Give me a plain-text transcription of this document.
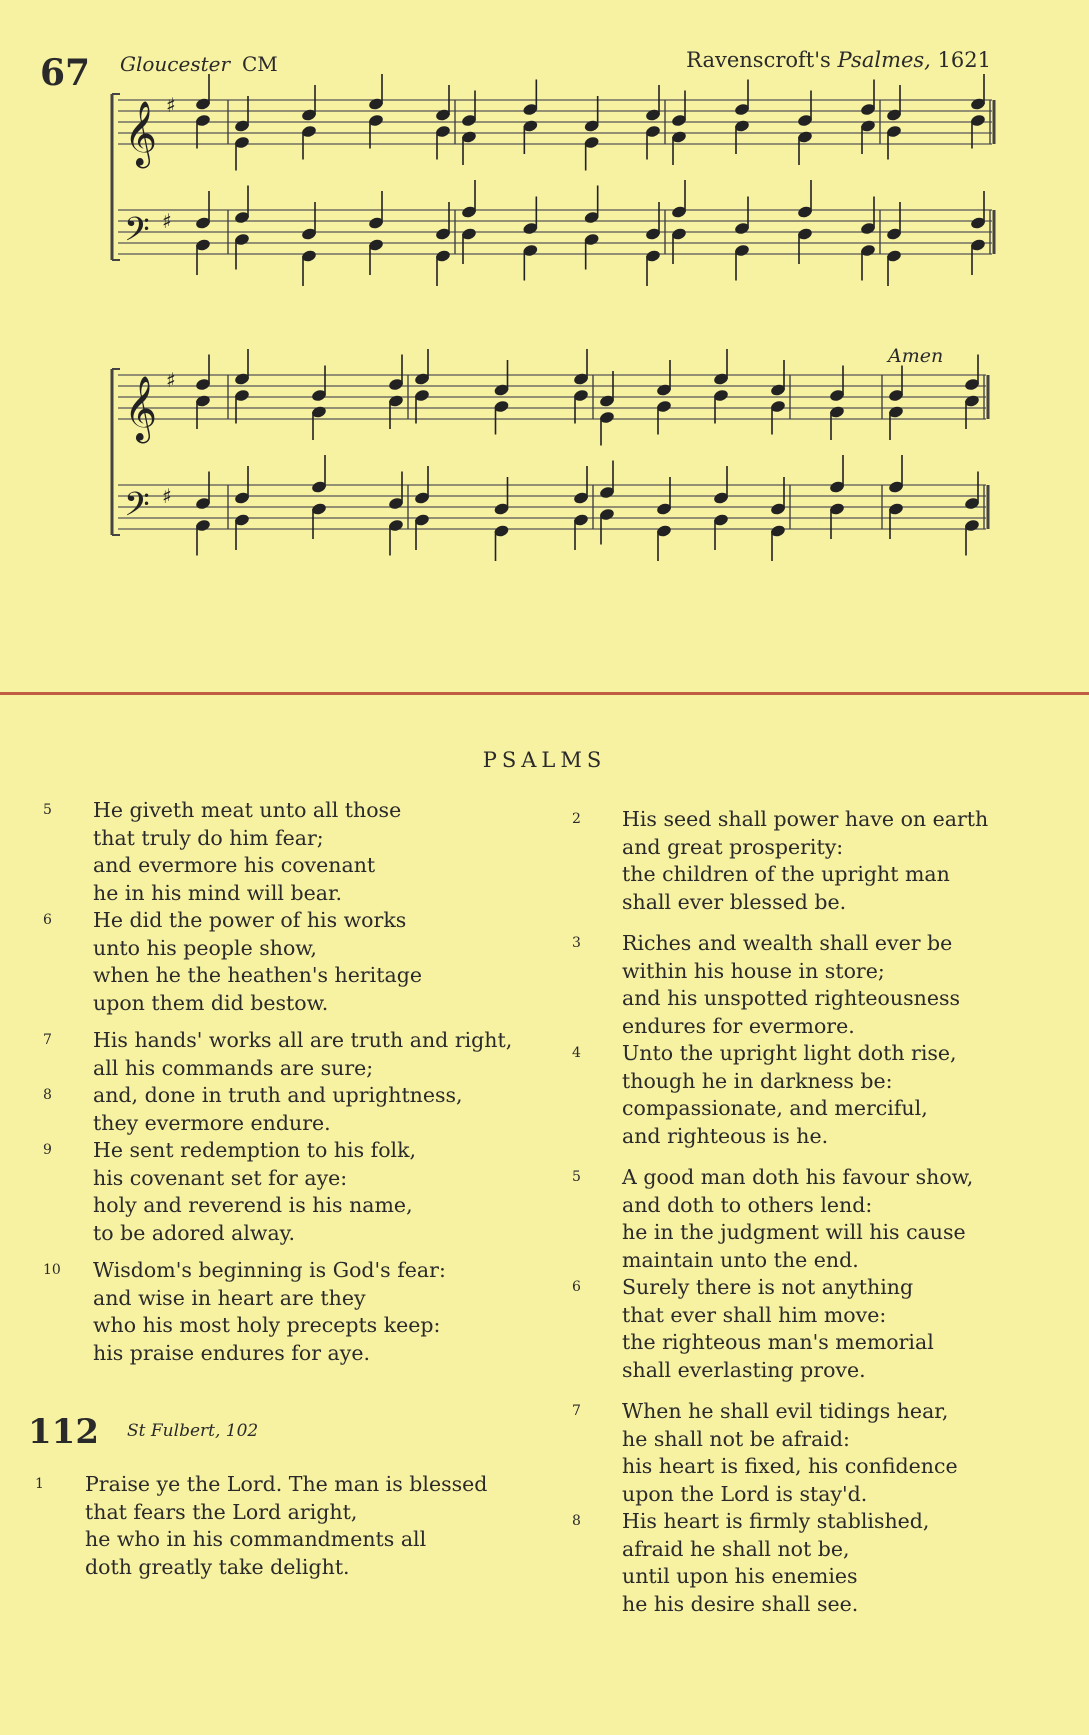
67 Gloucester CM	Ravenscroft's Psalmes, 1621
𝄞
𝄢
♯
♯
𝄞
𝄢
♯
♯
Amen
PSALMS
5 He giveth meat unto all those
that truly do him fear;
and evermore his covenant
he in his mind will bear.
6 He did the power of his works
unto his people show,
when he the heathen's heritage
upon them did bestow.
7 His hands' works all are truth and right,
all his commands are sure;
8 and, done in truth and uprightness,
they evermore endure.
9 He sent redemption to his folk,
his covenant set for aye:
holy and reverend is his name,
to be adored alway.
10 Wisdom's beginning is God's fear:
and wise in heart are they
who his most holy precepts keep:
his praise endures for aye.
112 St Fulbert, 102
1 Praise ye the Lord. The man is blessed
that fears the Lord aright,
he who in his commandments all
doth greatly take delight.
2 His seed shall power have on earth
and great prosperity:
the children of the upright man
shall ever blessed be.
3 Riches and wealth shall ever be
within his house in store;
and his unspotted righteousness
endures for evermore.
4 Unto the upright light doth rise,
though he in darkness be:
compassionate, and merciful,
and righteous is he.
5 A good man doth his favour show,
and doth to others lend:
he in the judgment will his cause
maintain unto the end.
6 Surely there is not anything
that ever shall him move:
the righteous man's memorial
shall everlasting prove.
7 When he shall evil tidings hear,
he shall not be afraid:
his heart is fixed, his confidence
upon the Lord is stay'd.
8 His heart is firmly stablished,
afraid he shall not be,
until upon his enemies
he his desire shall see.
